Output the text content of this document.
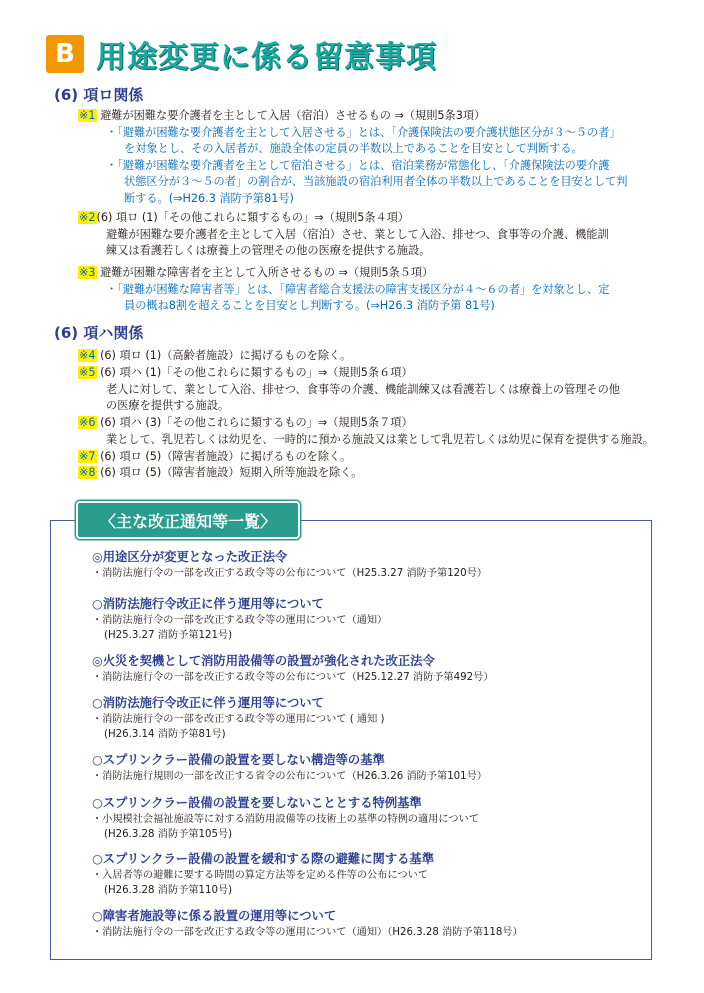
B 用途変更に係る留意事項
(6) 項ロ関係
※1 避難が困難な要介護者を主として入居（宿泊）させるもの ⇒（規則5条3項）
・「避難が困難な要介護者を主として入居させる」とは、「介護保険法の要介護状態区分が３～５の者」
を対象とし、その入居者が、施設全体の定員の半数以上であることを目安として判断する。
・「避難が困難な要介護者を主として宿泊させる」とは、宿泊業務が常態化し、「介護保険法の要介護
状態区分が３～５の者」の割合が、当該施設の宿泊利用者全体の半数以上であることを目安として判
断する。(⇒H26.3 消防予第81号)
※2(6) 項ロ (1)「その他これらに類するもの」⇒（規則5条４項）
避難が困難な要介護者を主として入居（宿泊）させ、業として入浴、排せつ、食事等の介護、機能訓
練又は看護若しくは療養上の管理その他の医療を提供する施設。
※3 避難が困難な障害者を主として入所させるもの ⇒（規則5条５項）
・「避難が困難な障害者等」とは、「障害者総合支援法の障害支援区分が４～６の者」を対象とし、定
員の概ね8割を超えることを目安とし判断する。(⇒H26.3 消防予第 81号)
(6) 項ハ関係
※4 (6) 項ロ (1)（高齢者施設）に掲げるものを除く。
※5 (6) 項ハ (1)「その他これらに類するもの」⇒（規則5条６項）
老人に対して、業として入浴、排せつ、食事等の介護、機能訓練又は看護若しくは療養上の管理その他
の医療を提供する施設。
※6 (6) 項ハ (3)「その他これらに類するもの」⇒（規則5条７項）
業として、乳児若しくは幼児を、一時的に預かる施設又は業として乳児若しくは幼児に保育を提供する施設。
※7 (6) 項ロ (5)（障害者施設）に掲げるものを除く。
※8 (6) 項ロ (5)（障害者施設）短期入所等施設を除く。
〈主な改正通知等一覧〉
◎用途区分が変更となった改正法令
・消防法施行令の一部を改正する政令等の公布について（H25.3.27 消防予第120号）
○消防法施行令改正に伴う運用等について
・消防法施行令の一部を改正する政令等の運用について（通知）
(H25.3.27 消防予第121号)
◎火災を契機として消防用設備等の設置が強化された改正法令
・消防法施行令の一部を改正する政令等の公布について（H25.12.27 消防予第492号）
○消防法施行令改正に伴う運用等について
・消防法施行令の一部を改正する政令等の運用について ( 通知 )
(H26.3.14 消防予第81号)
○スプリンクラー設備の設置を要しない構造等の基準
・消防法施行規則の一部を改正する省令の公布について（H26.3.26 消防予第101号）
○スプリンクラー設備の設置を要しないこととする特例基準
・小規模社会福祉施設等に対する消防用設備等の技術上の基準の特例の適用について
(H26.3.28 消防予第105号)
○スプリンクラー設備の設置を緩和する際の避難に関する基準
・入居者等の避難に要する時間の算定方法等を定める件等の公布について
(H26.3.28 消防予第110号)
○障害者施設等に係る設置の運用等について
・消防法施行令の一部を改正する政令等の運用について（通知）（H26.3.28 消防予第118号）
